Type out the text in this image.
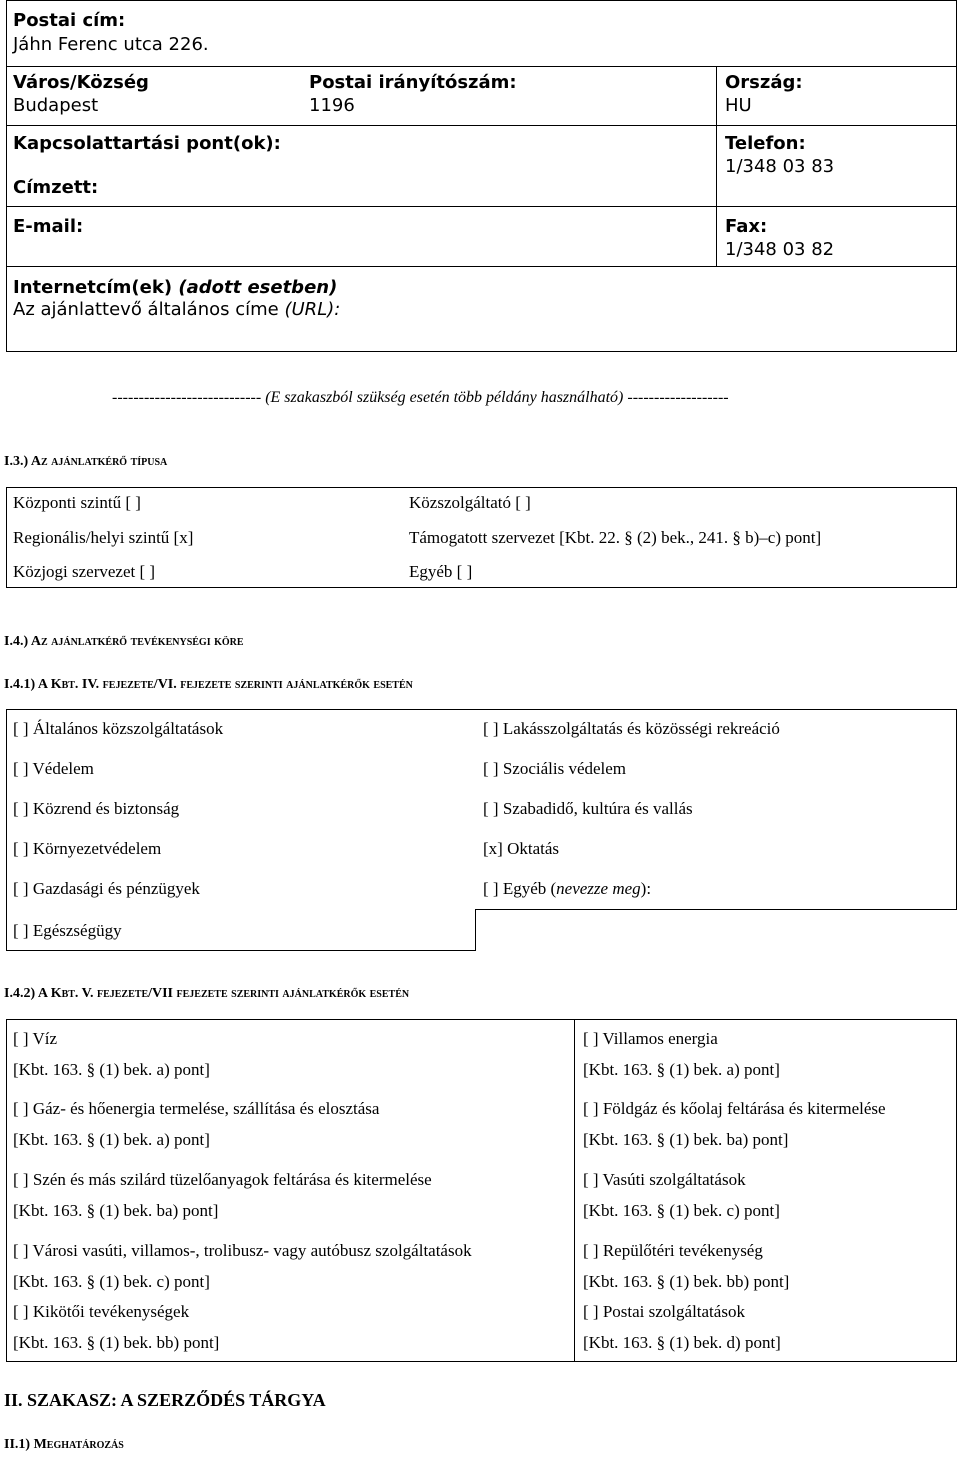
Postai cím:
Jáhn Ferenc utca 226.
Város/Község
Budapest
Postai irányítószám:
1196
Ország:
HU
Kapcsolattartási pont(ok):
Címzett:
Telefon:
1/348 03 83
E-mail:	Fax:
1/348 03 82
Internetcím(ek) (adott esetben)
Az ajánlattevő általános címe (URL):
---------------------------- (E szakaszból szükség esetén több példány használható) -------------------
I.3.) Az ajánlatkérő típusa
Központi szintű [ ]
Regionális/helyi szintű [x]
Közjogi szervezet [ ]
Közszolgáltató [ ]
Támogatott szervezet [Kbt. 22. § (2) bek., 241. § b)–c) pont]
Egyéb [ ]
I.4.) Az ajánlatkérő tevékenységi köre
I.4.1) A Kbt. IV. fejezete/VI. fejezete szerinti ajánlatkérők esetén
[ ] Általános közszolgáltatások
[ ] Védelem
[ ] Közrend és biztonság
[ ] Környezetvédelem
[ ] Gazdasági és pénzügyek
[ ] Egészségügy
[ ] Lakásszolgáltatás és közösségi rekreáció
[ ] Szociális védelem
[ ] Szabadidő, kultúra és vallás
[x] Oktatás
[ ] Egyéb (nevezze meg):
I.4.2) A Kbt. V. fejezete/VII fejezete szerinti ajánlatkérők esetén
[ ] Víz
[Kbt. 163. § (1) bek. a) pont]
[ ] Gáz- és hőenergia termelése, szállítása és elosztása
[Kbt. 163. § (1) bek. a) pont]
[ ] Szén és más szilárd tüzelőanyagok feltárása és kitermelése
[Kbt. 163. § (1) bek. ba) pont]
[ ] Városi vasúti, villamos-, trolibusz- vagy autóbusz szolgáltatások
[Kbt. 163. § (1) bek. c) pont]
[ ] Kikötői tevékenységek
[Kbt. 163. § (1) bek. bb) pont]
[ ] Villamos energia
[Kbt. 163. § (1) bek. a) pont]
[ ] Földgáz és kőolaj feltárása és kitermelése
[Kbt. 163. § (1) bek. ba) pont]
[ ] Vasúti szolgáltatások
[Kbt. 163. § (1) bek. c) pont]
[ ] Repülőtéri tevékenység
[Kbt. 163. § (1) bek. bb) pont]
[ ] Postai szolgáltatások
[Kbt. 163. § (1) bek. d) pont]
II. SZAKASZ: A SZERZŐDÉS TÁRGYA
II.1) Meghatározás
